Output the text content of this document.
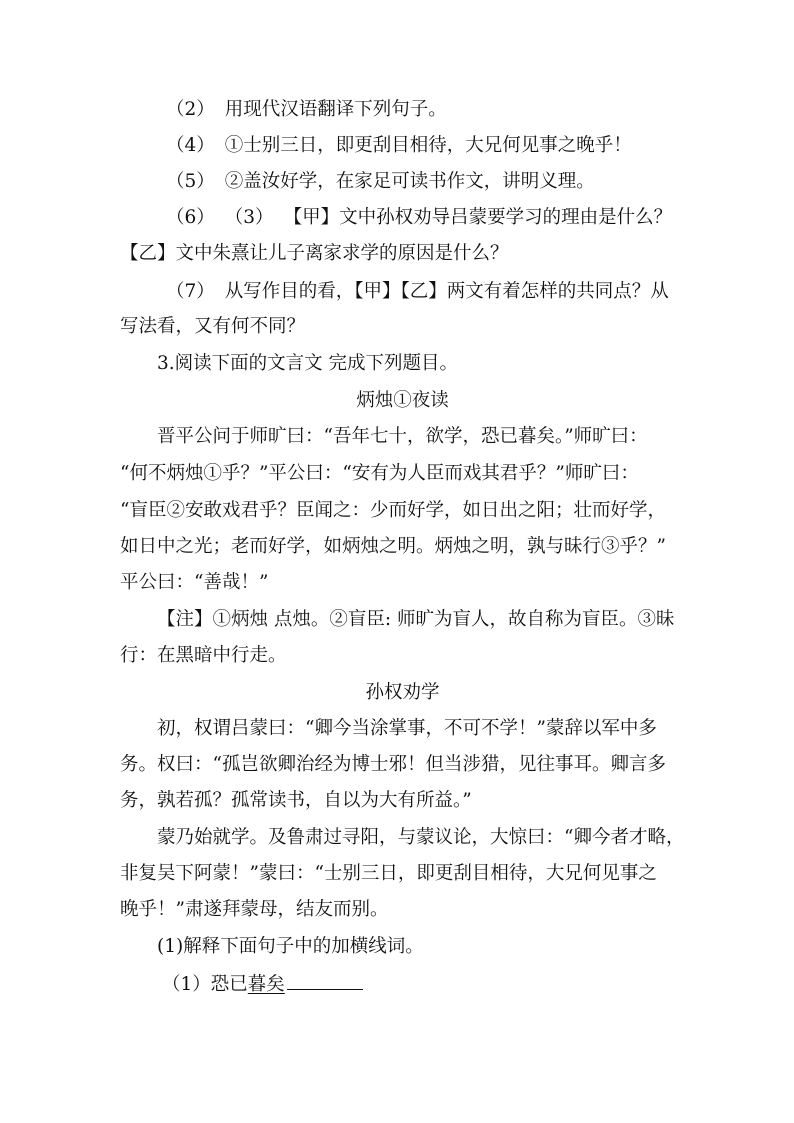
（2） 用现代汉语翻译下列句子。
（4） ①士别三日，即更刮目相待，大兄何见事之晚乎！
（5） ②盖汝好学，在家足可读书作文，讲明义理。
（6） （3） 【甲】文中孙权劝导吕蒙要学习的理由是什么？
【乙】文中朱熹让儿子离家求学的原因是什么？
（7） 从写作目的看，【甲】【乙】两文有着怎样的共同点？从
写法看，又有何不同？
3.阅读下面的文言文 完成下列题目。
炳烛①夜读
晋平公问于师旷曰：“吾年七十，欲学，恐已暮矣。”师旷曰：
“何不炳烛①乎？”平公曰：“安有为人臣而戏其君乎？”师旷曰：
“盲臣②安敢戏君乎？臣闻之：少而好学，如日出之阳；壮而好学，
如日中之光；老而好学，如炳烛之明。炳烛之明，孰与昧行③乎？”
平公曰：“善哉！”
【注】①炳烛 点烛。②盲臣: 师旷为盲人，故自称为盲臣。③昧
行：在黑暗中行走。
孙权劝学
初，权谓吕蒙曰：“卿今当涂掌事，不可不学！”蒙辞以军中多
务。权曰：“孤岂欲卿治经为博士邪！但当涉猎，见往事耳。卿言多
务，孰若孤？孤常读书，自以为大有所益。”
蒙乃始就学。及鲁肃过寻阳，与蒙议论，大惊曰：“卿今者才略，
非复吴下阿蒙！”蒙曰：“士别三日，即更刮目相待，大兄何见事之
晚乎！”肃遂拜蒙母，结友而别。
(1)解释下面句子中的加横线词。
（1）恐已暮矣
